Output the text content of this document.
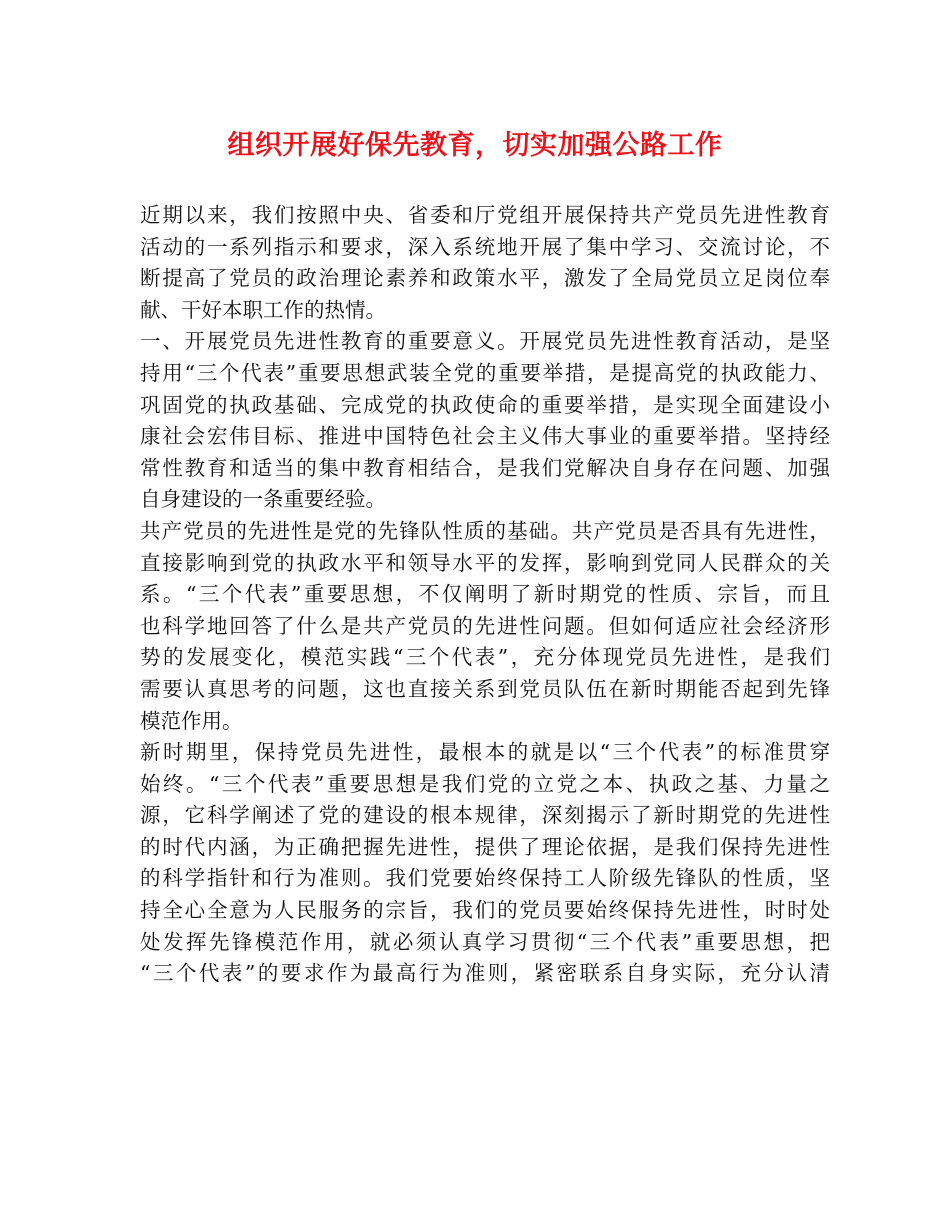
组织开展好保先教育，切实加强公路工作
近期以来，我们按照中央、省委和厅党组开展保持共产党员先进性教育
活动的一系列指示和要求，深入系统地开展了集中学习、交流讨论，不
断提高了党员的政治理论素养和政策水平，激发了全局党员立足岗位奉
献、干好本职工作的热情。
一、开展党员先进性教育的重要意义。开展党员先进性教育活动，是坚
持用“三个代表”重要思想武装全党的重要举措，是提高党的执政能力、
巩固党的执政基础、完成党的执政使命的重要举措，是实现全面建设小
康社会宏伟目标、推进中国特色社会主义伟大事业的重要举措。坚持经
常性教育和适当的集中教育相结合，是我们党解决自身存在问题、加强
自身建设的一条重要经验。
共产党员的先进性是党的先锋队性质的基础。共产党员是否具有先进性，
直接影响到党的执政水平和领导水平的发挥，影响到党同人民群众的关
系。“三个代表”重要思想，不仅阐明了新时期党的性质、宗旨，而且
也科学地回答了什么是共产党员的先进性问题。但如何适应社会经济形
势的发展变化，模范实践“三个代表”，充分体现党员先进性，是我们
需要认真思考的问题，这也直接关系到党员队伍在新时期能否起到先锋
模范作用。
新时期里，保持党员先进性，最根本的就是以“三个代表”的标准贯穿
始终。“三个代表”重要思想是我们党的立党之本、执政之基、力量之
源，它科学阐述了党的建设的根本规律，深刻揭示了新时期党的先进性
的时代内涵，为正确把握先进性，提供了理论依据，是我们保持先进性
的科学指针和行为准则。我们党要始终保持工人阶级先锋队的性质，坚
持全心全意为人民服务的宗旨，我们的党员要始终保持先进性，时时处
处发挥先锋模范作用，就必须认真学习贯彻“三个代表”重要思想，把
“三个代表”的要求作为最高行为准则，紧密联系自身实际，充分认清
